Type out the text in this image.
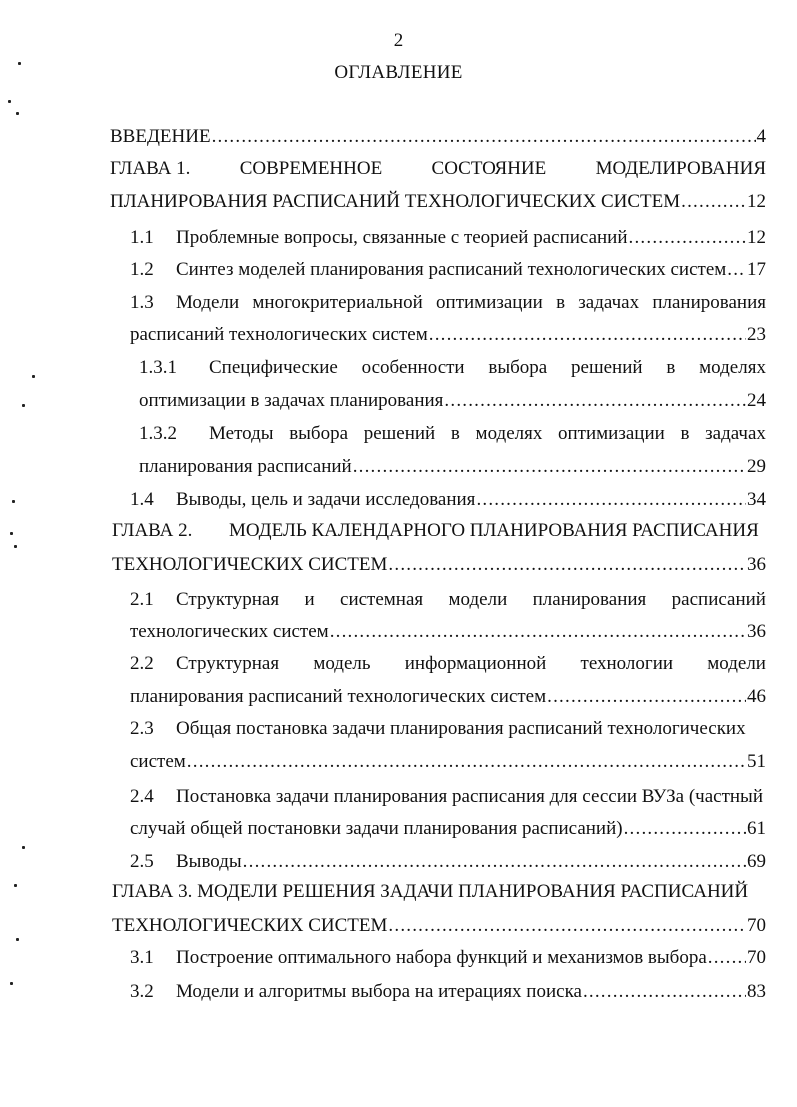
2
ОГЛАВЛЕНИЕ
ВВЕДЕНИЕ .....	4
ГЛАВА 1.	СОВРЕМЕННОЕ	СОСТОЯНИЕ	МОДЕЛИРОВАНИЯ
ПЛАНИРОВАНИЯ РАСПИСАНИЙ ТЕХНОЛОГИЧЕСКИХ СИСТЕМ .....	12
1.1 Проблемные вопросы, связанные с теорией расписаний .....	12
1.2 Синтез моделей планирования расписаний технологических систем ..... 17
1.3 Модели многокритериальной оптимизации в задачах планирования
расписаний технологических систем .....	23
1.3.1 Специфические особенности выбора решений в моделях
оптимизации в задачах планирования .....	24
1.3.2 Методы выбора решений в моделях оптимизации в задачах
планирования расписаний .....	29
1.4 Выводы, цель и задачи исследования .....	34
ГЛАВА 2. МОДЕЛЬ КАЛЕНДАРНОГО ПЛАНИРОВАНИЯ РАСПИСАНИЯ
ТЕХНОЛОГИЧЕСКИХ СИСТЕМ .....	36
2.1 Структурная и системная модели планирования расписаний
технологических систем .....	36
2.2 Структурная модель информационной технологии модели
планирования расписаний технологических систем .....	46
2.3 Общая постановка задачи планирования расписаний технологических
систем .....	51
2.4 Постановка задачи планирования расписания для сессии ВУЗа (частный
случай общей постановки задачи планирования расписаний) .....	61
2.5 Выводы .....	69
ГЛАВА 3. МОДЕЛИ РЕШЕНИЯ ЗАДАЧИ ПЛАНИРОВАНИЯ РАСПИСАНИЙ
ТЕХНОЛОГИЧЕСКИХ СИСТЕМ .....	70
3.1 Построение оптимального набора функций и механизмов выбора ..... 70
3.2 Модели и алгоритмы выбора на итерациях поиска .....	83
